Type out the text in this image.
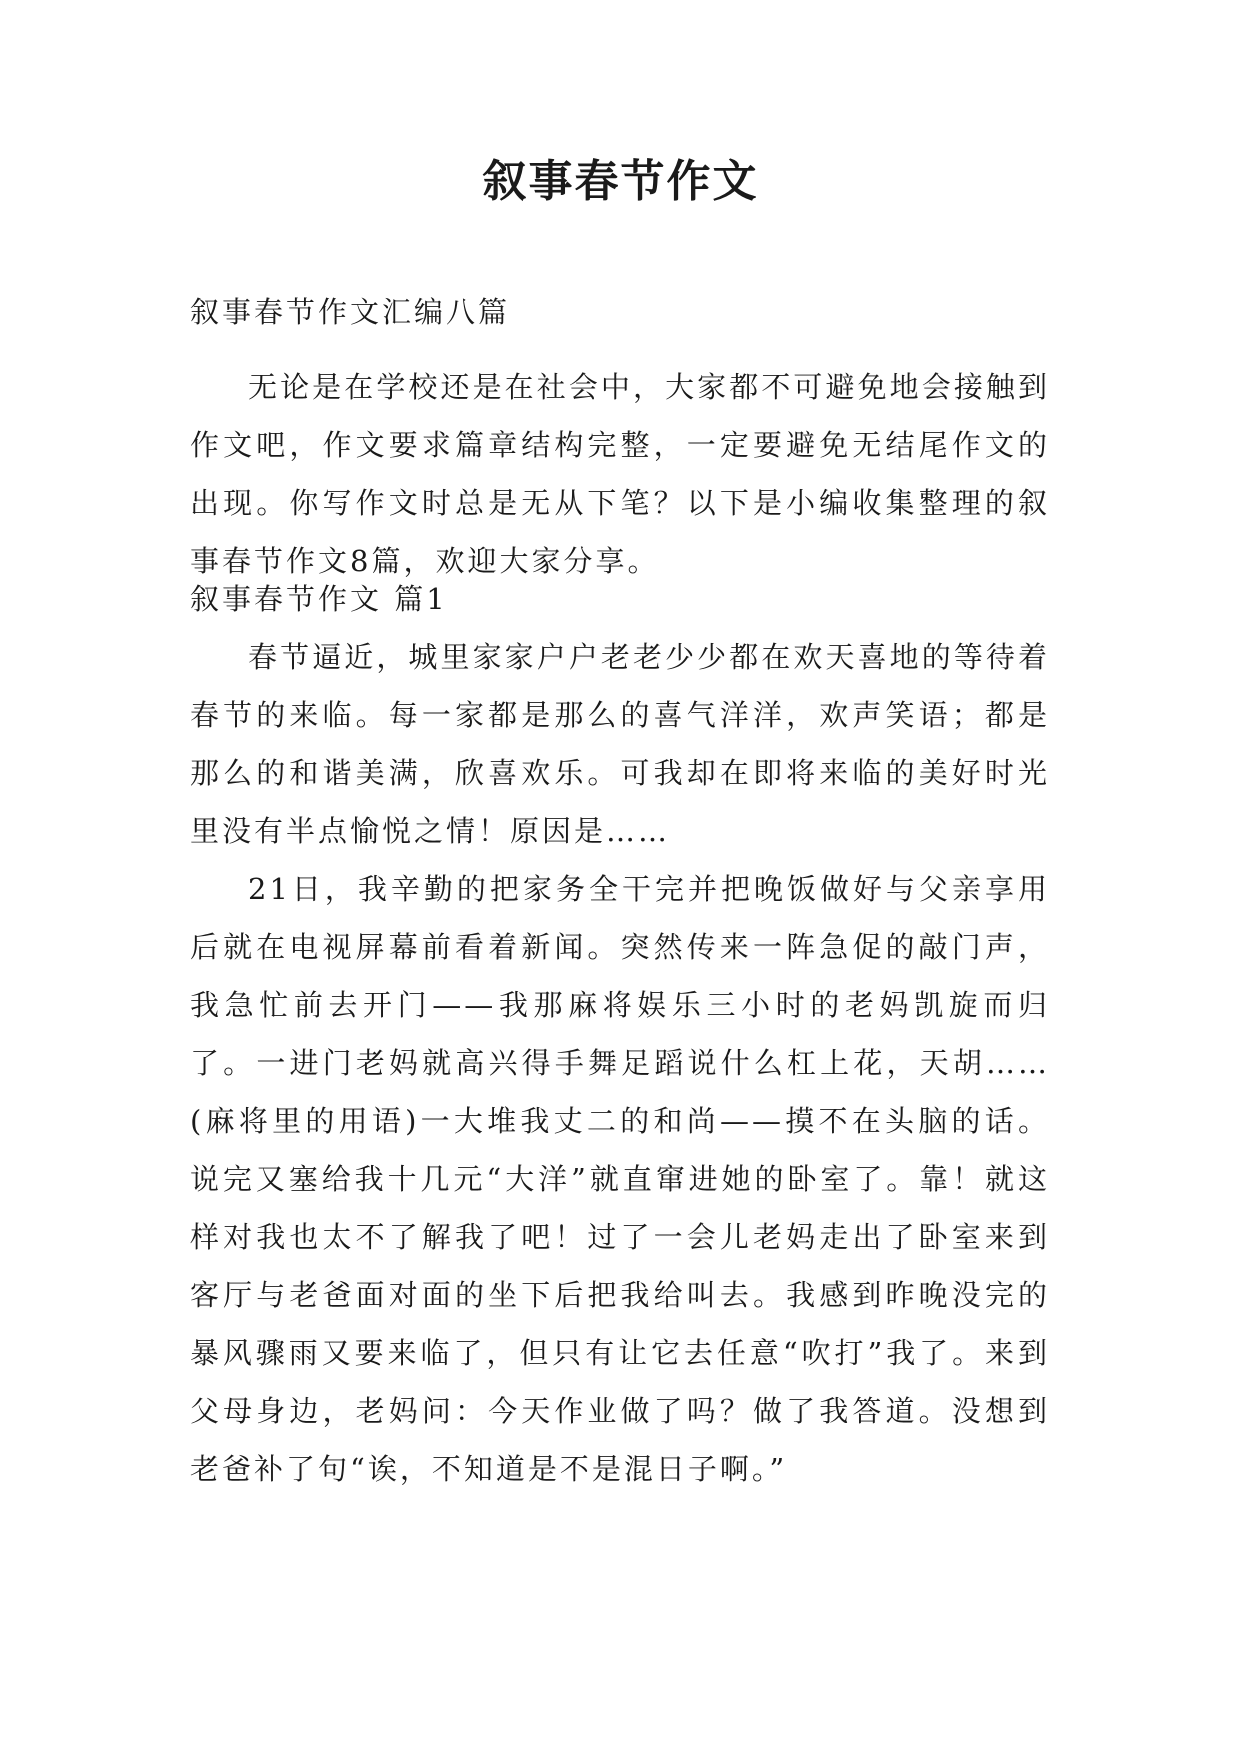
叙事春节作文
叙事春节作文汇编八篇

无论是在学校还是在社会中，大家都不可避免地会接触到作文吧，作文要求篇章结构完整，一定要避免无结尾作文的出现。你写作文时总是无从下笔？以下是小编收集整理的叙事春节作文8篇，欢迎大家分享。

叙事春节作文 篇1

春节逼近，城里家家户户老老少少都在欢天喜地的等待着春节的来临。每一家都是那么的喜气洋洋，欢声笑语；都是那么的和谐美满，欣喜欢乐。可我却在即将来临的美好时光里没有半点愉悦之情！原因是……

21日，我辛勤的把家务全干完并把晚饭做好与父亲享用后就在电视屏幕前看着新闻。突然传来一阵急促的敲门声，我急忙前去开门——我那麻将娱乐三小时的老妈凯旋而归了。一进门老妈就高兴得手舞足蹈说什么杠上花，天胡……(麻将里的用语)一大堆我丈二的和尚——摸不在头脑的话。说完又塞给我十几元“大洋”就直窜进她的卧室了。靠！就这样对我也太不了解我了吧！过了一会儿老妈走出了卧室来到客厅与老爸面对面的坐下后把我给叫去。我感到昨晚没完的暴风骤雨又要来临了，但只有让它去任意“吹打”我了。来到父母身边，老妈问：今天作业做了吗？做了我答道。没想到老爸补了句“诶，不知道是不是混日子啊。”
